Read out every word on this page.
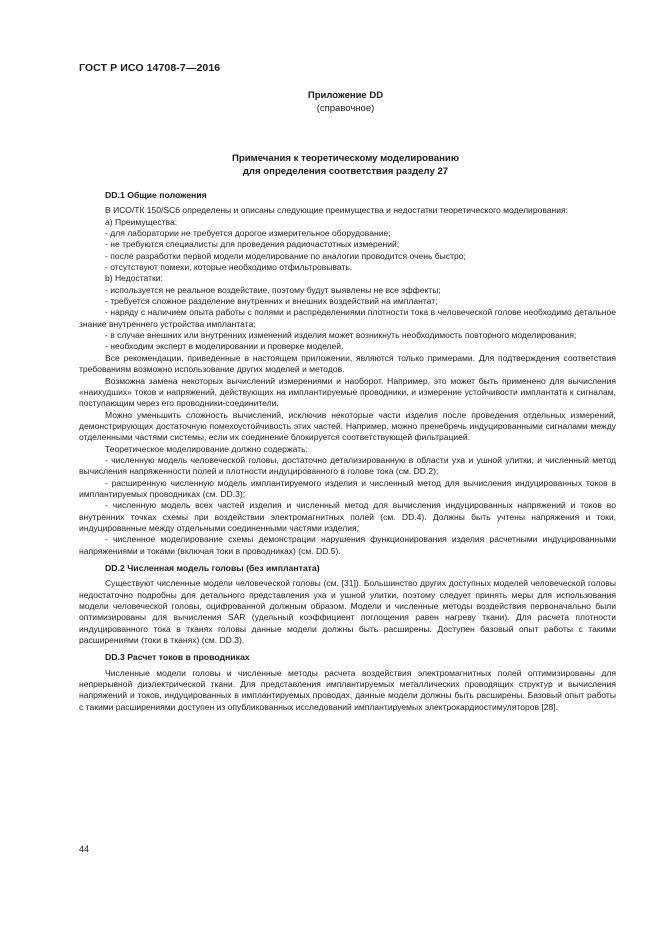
ГОСТ Р ИСО 14708-7—2016
Приложение DD
(справочное)
Примечания к теоретическому моделированию
для определения соответствия разделу 27
DD.1 Общие положения

В ИСО/ТК 150/SC6 определены и описаны следующие преимущества и недостатки теоретического моделирования:

а) Преимущества:

- для лаборатории не требуется дорогое измерительное оборудование;

- не требуются специалисты для проведения радиочастотных измерений;

- после разработки первой модели моделирование по аналогии проводится очень быстро;

- отсутствуют помехи, которые необходимо отфильтровывать.

b) Недостатки:

- используется не реальное воздействие, поэтому будут выявлены не все эффекты;

- требуется сложное разделение внутренних и внешних воздействий на имплантат;

- наряду с наличием опыта работы с полями и распределениями плотности тока в человеческой голове необходимо детальное знание внутреннего устройства имплантата;

- в случае внешних или внутренних изменений изделия может возникнуть необходимость повторного моделирования;

- необходим эксперт в моделировании и проверке моделей.

Все рекомендации, приведенные в настоящем приложении, являются только примерами. Для подтверждения соответствия требованиям возможно использование других моделей и методов.

Возможна замена некоторых вычислений измерениями и наоборот. Например, это может быть применено для вычисления «наихудших» токов и напряжений, действующих на имплантируемые проводники, и измерение устойчивости имплантата к сигналам, поступающим через его проводники-соединители.

Можно уменьшить сложность вычислений, исключив некоторые части изделия после проведения отдельных измерений, демонстрирующих достаточную помехоустойчивость этих частей. Например, можно пренебречь индуцированными сигналами между отделенными частями системы, если их соединение блокируется соответствующей фильтрацией.

Теоретическое моделирование должно содержать:

- численную модель человеческой головы, достаточно детализированную в области уха и ушной улитки, и численный метод вычисления напряженности полей и плотности индуцированного в голове тока (см. DD.2);

- расширенную численную модель имплантируемого изделия и численный метод для вычисления индуцированных токов в имплантируемых проводниках (см. DD.3);

- численную модель всех частей изделия и численный метод для вычисления индуцированных напряжений и токов во внутренних точках схемы при воздействии электромагнитных полей (см. DD.4). Должны быть учтены напряжения и токи, индуцированные между отдельными соединенными частями изделия;

- численное моделирование схемы демонстрации нарушения функционирования изделия расчетными индуцированными напряжениями и токами (включая токи в проводниках) (см. DD.5).

DD.2 Численная модель головы (без имплантата)

Существуют численные модели человеческой головы (см. [31]). Большинство других доступных моделей человеческой головы недостаточно подробны для детального представления уха и ушной улитки, поэтому следует принять меры для использования модели человеческой головы, оцифрованной должным образом. Модели и численные методы воздействия первоначально были оптимизированы для вычисления SAR (удельный коэффициент поглощения равен нагреву ткани). Для расчета плотности индуцированного тока в тканях головы данные модели должны быть расширены. Доступен базовый опыт работы с такими расширениями (токи в тканях) (см. DD.3).

DD.3 Расчет токов в проводниках

Численные модели головы и численные методы расчета воздействия электромагнитных полей оптимизированы для непрерывной диэлектрической ткани. Для представления имплантируемых металлических проводящих структур и вычисления напряжений и токов, индуцированных в имплантируемых проводах, данные модели должны быть расширены. Базовый опыт работы с такими расширениями доступен из опубликованных исследований имплантируемых электрокардиостимуляторов [28].

44
